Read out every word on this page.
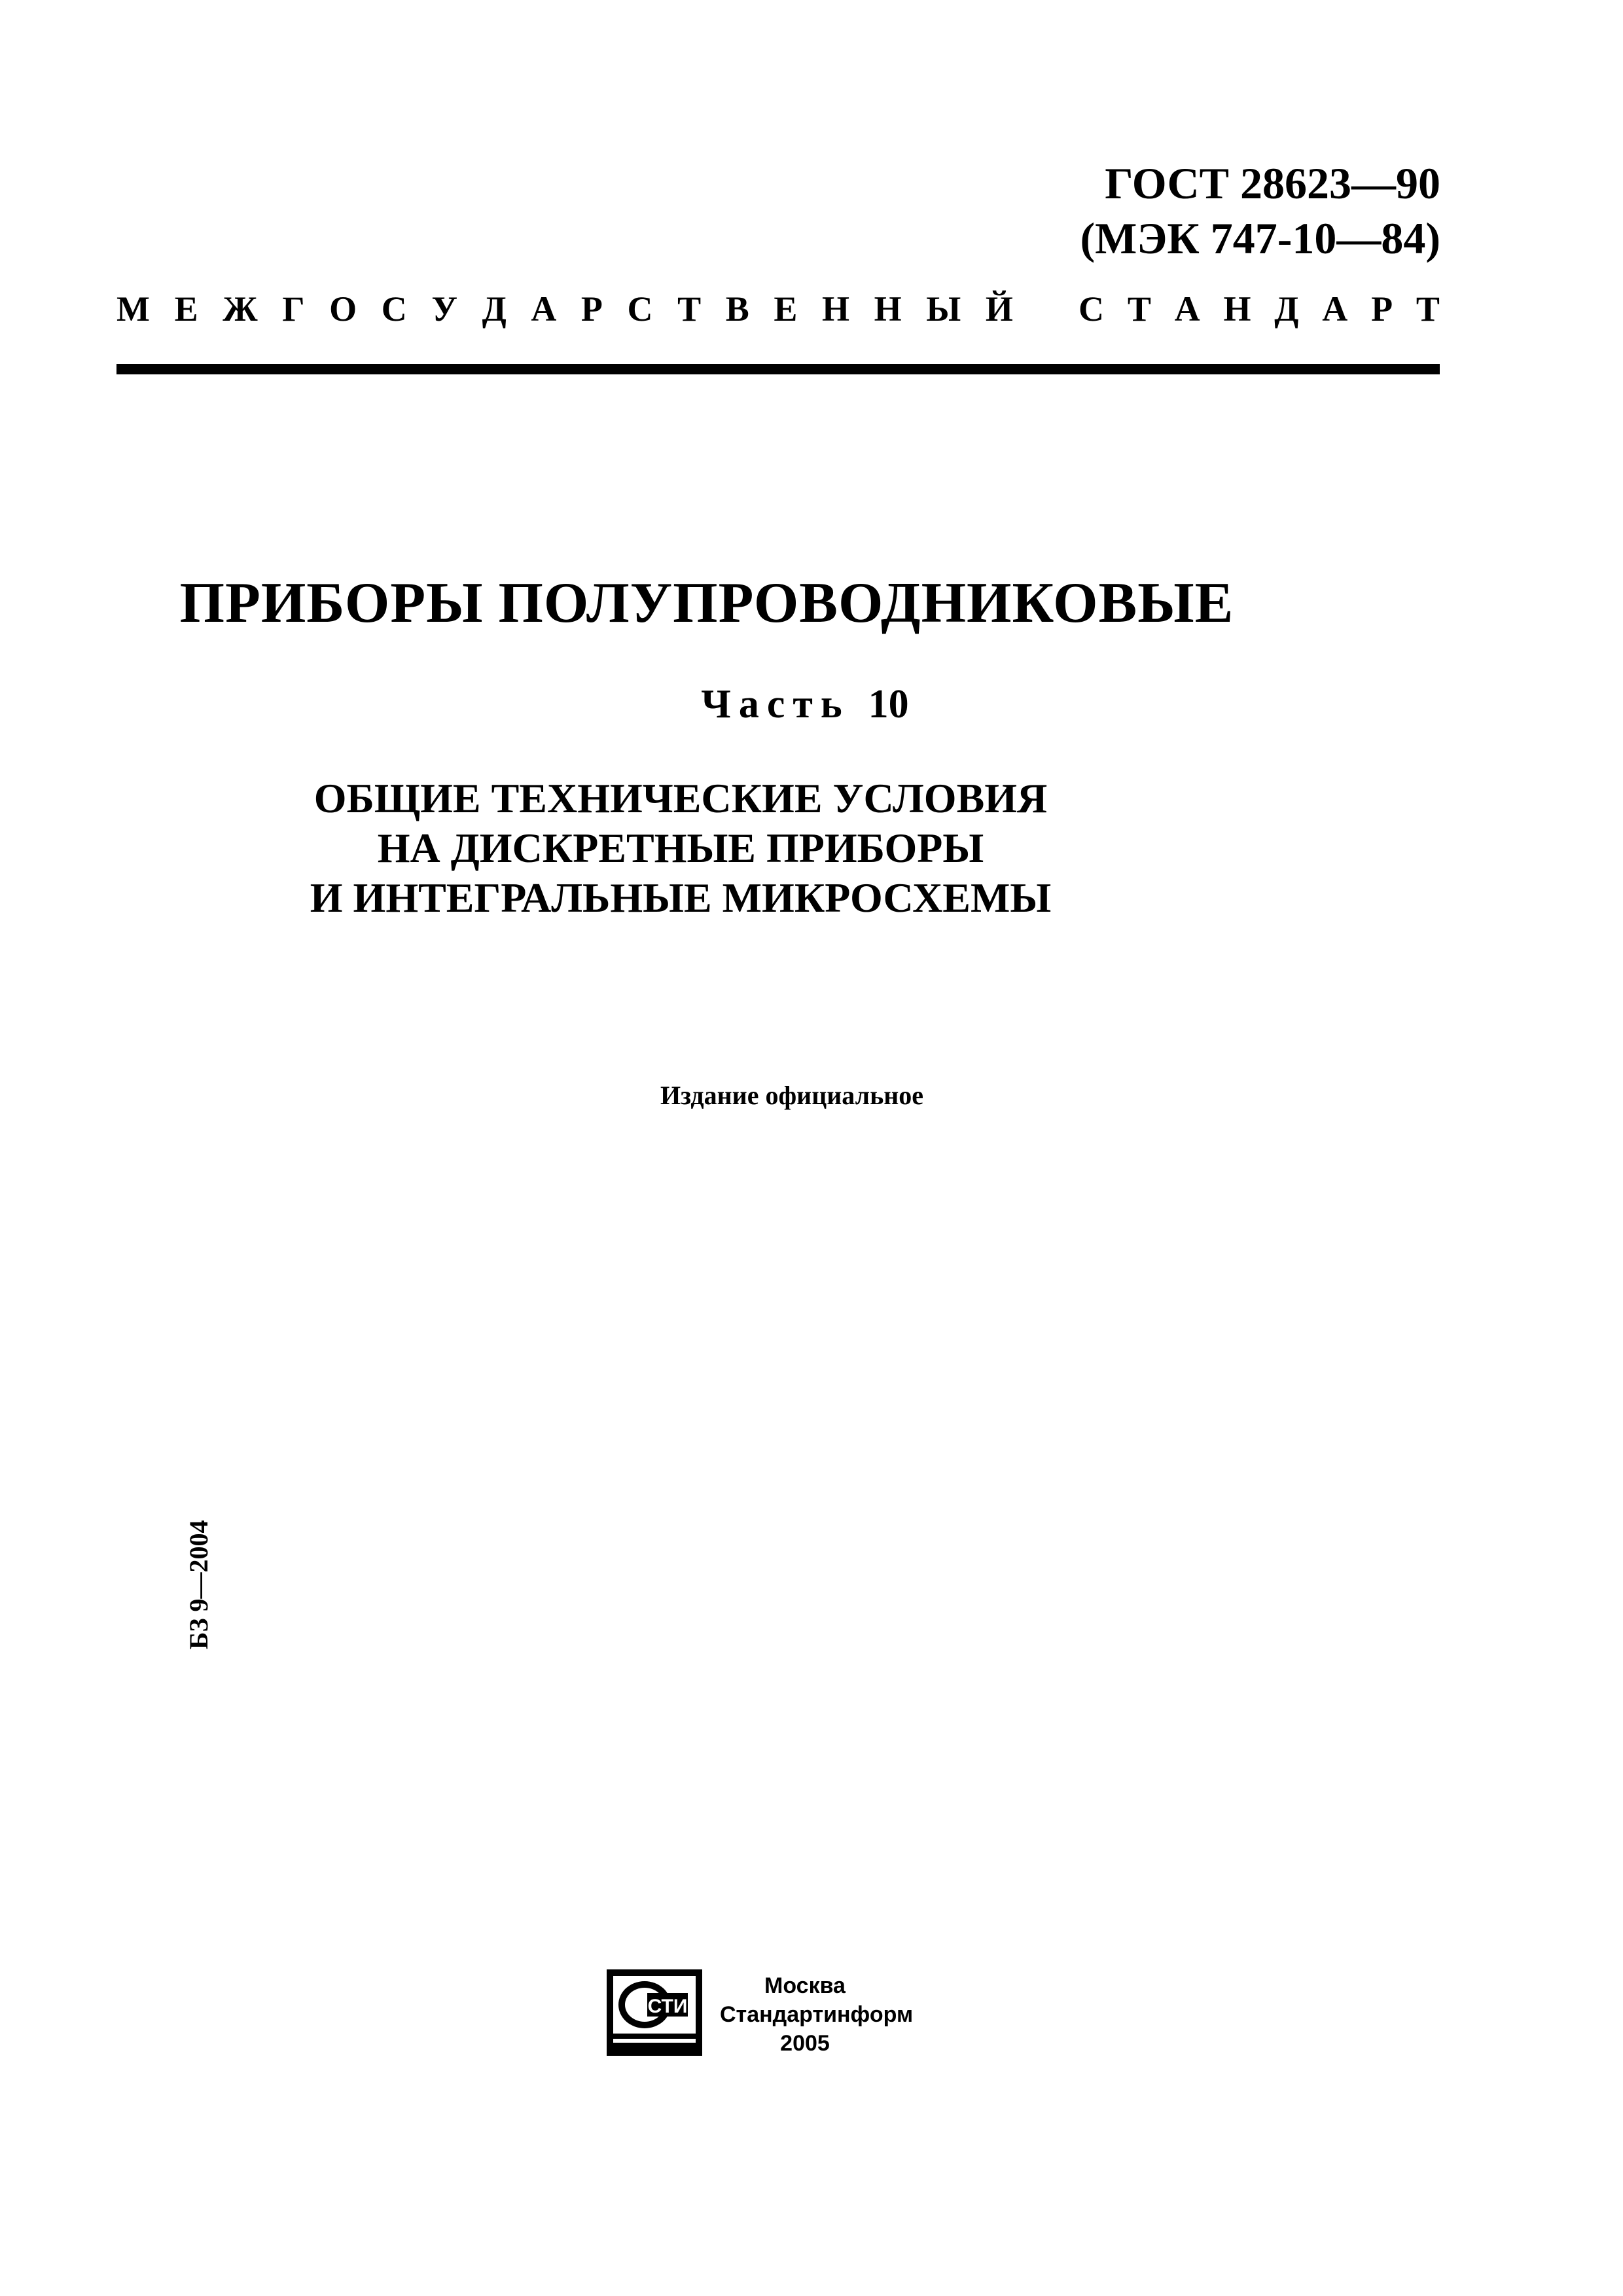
ГОСТ 28623—90
(МЭК 747-10—84)
М Е Ж Г О С У Д А Р С Т В Е Н Н Ы Й С Т А Н Д А Р Т
ПРИБОРЫ ПОЛУПРОВОДНИКОВЫЕ
Часть 10
ОБЩИЕ ТЕХНИЧЕСКИЕ УСЛОВИЯ
НА ДИСКРЕТНЫЕ ПРИБОРЫ
И ИНТЕГРАЛЬНЫЕ МИКРОСХЕМЫ
Издание официальное
БЗ 9—2004
СТИ
Москва
Стандартинформ
2005
